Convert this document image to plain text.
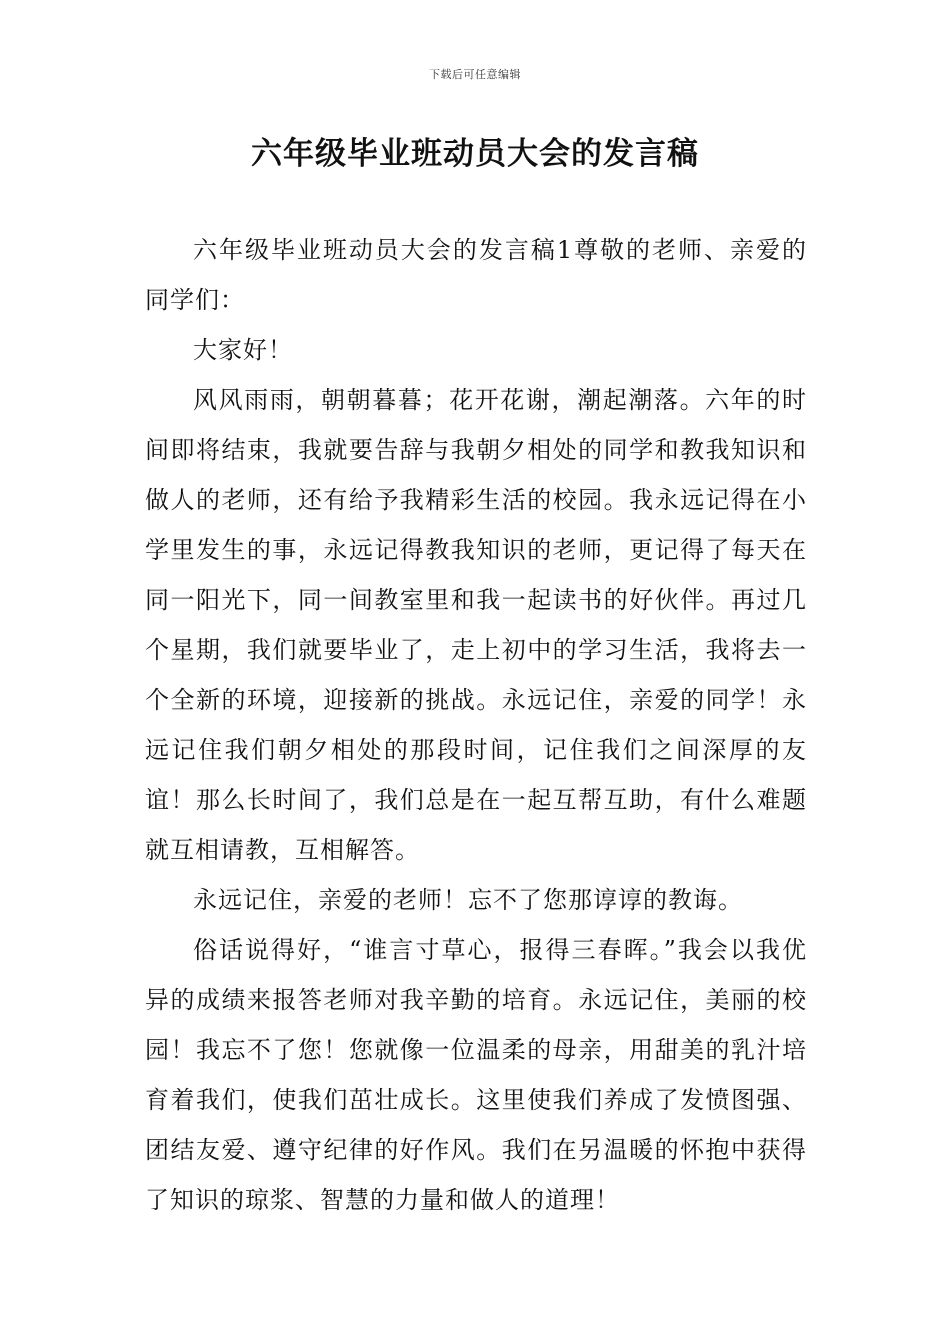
下载后可任意编辑
六年级毕业班动员大会的发言稿

六年级毕业班动员大会的发言稿1尊敬的老师、亲爱的同学们：

大家好！

风风雨雨，朝朝暮暮；花开花谢，潮起潮落。六年的时间即将结束，我就要告辞与我朝夕相处的同学和教我知识和做人的老师，还有给予我精彩生活的校园。我永远记得在小学里发生的事，永远记得教我知识的老师，更记得了每天在同一阳光下，同一间教室里和我一起读书的好伙伴。再过几个星期，我们就要毕业了，走上初中的学习生活，我将去一个全新的环境，迎接新的挑战。永远记住，亲爱的同学！永远记住我们朝夕相处的那段时间，记住我们之间深厚的友谊！那么长时间了，我们总是在一起互帮互助，有什么难题就互相请教，互相解答。

永远记住，亲爱的老师！忘不了您那谆谆的教诲。

俗话说得好，“谁言寸草心，报得三春晖。”我会以我优异的成绩来报答老师对我辛勤的培育。永远记住，美丽的校园！我忘不了您！您就像一位温柔的母亲，用甜美的乳汁培育着我们，使我们茁壮成长。这里使我们养成了发愤图强、团结友爱、遵守纪律的好作风。我们在另温暖的怀抱中获得了知识的琼浆、智慧的力量和做人的道理！
